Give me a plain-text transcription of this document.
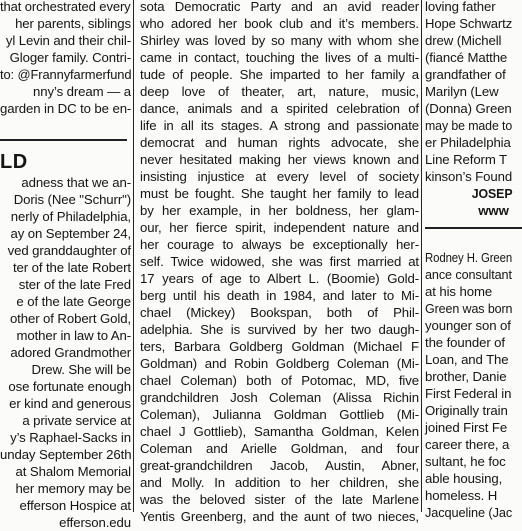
that orchestrated every
her parents, siblings
yl Levin and their chil-
Gloger family. Contri-
to: @Frannyfarmerfund
nny’s dream — a
garden in DC to be en-
LD
adness that we an-
Doris (Nee "Schurr")
nerly of Philadelphia,
ay on September 24,
ved granddaughter of
ter of the late Robert
ster of the late Fred
e of the late George
other of Robert Gold,
mother in law to An-
adored Grandmother
Drew. She will be
ose fortunate enough
er kind and generous
a private service at
y’s Raphael-Sacks in
unday September 26th
at Shalom Memorial
her memory may be
efferson Hospice at
efferson.edu
sota Democratic Party and an avid reader
who adored her book club and it’s members.
Shirley was loved by so many with whom she
came in contact, touching the lives of a multi-
tude of people. She imparted to her family a
deep love of theater, art, nature, music,
dance, animals and a spirited celebration of
life in all its stages. A strong and passionate
democrat and human rights advocate, she
never hesitated making her views known and
insisting injustice at every level of society
must be fought. She taught her family to lead
by her example, in her boldness, her glam-
our, her fierce spirit, independent nature and
her courage to always be exceptionally her-
self. Twice widowed, she was first married at
17 years of age to Albert L. (Boomie) Gold-
berg until his death in 1984, and later to Mi-
chael (Mickey) Bookspan, both of Phil-
adelphia. She is survived by her two daugh-
ters, Barbara Goldberg Goldman (Michael F
Goldman) and Robin Goldberg Coleman (Mi-
chael Coleman) both of Potomac, MD, five
grandchildren Josh Coleman (Alissa Richin
Coleman), Julianna Goldman Gottlieb (Mi-
chael J Gottlieb), Samantha Goldman, Kelen
Coleman and Arielle Goldman, and four
great-grandchildren Jacob, Austin, Abner,
and Molly. In addition to her children, she
was the beloved sister of the late Marlene
Yentis Greenberg, and the aunt of two nieces,
loving father
Hope Schwartz
drew (Michell
(fiancé Matthe
grandfather of
Marilyn (Lew
(Donna) Green
may be made to
er Philadelphia
Line Reform T
kinson’s Found
JOSEP
www
Rodney H. Green
ance consultant
at his home
Green was born
younger son of
the founder of
Loan, and The
brother, Danie
First Federal in
Originally train
joined First Fe
career there, a
sultant, he foc
able housing,
homeless. H
Jacqueline (Jac
